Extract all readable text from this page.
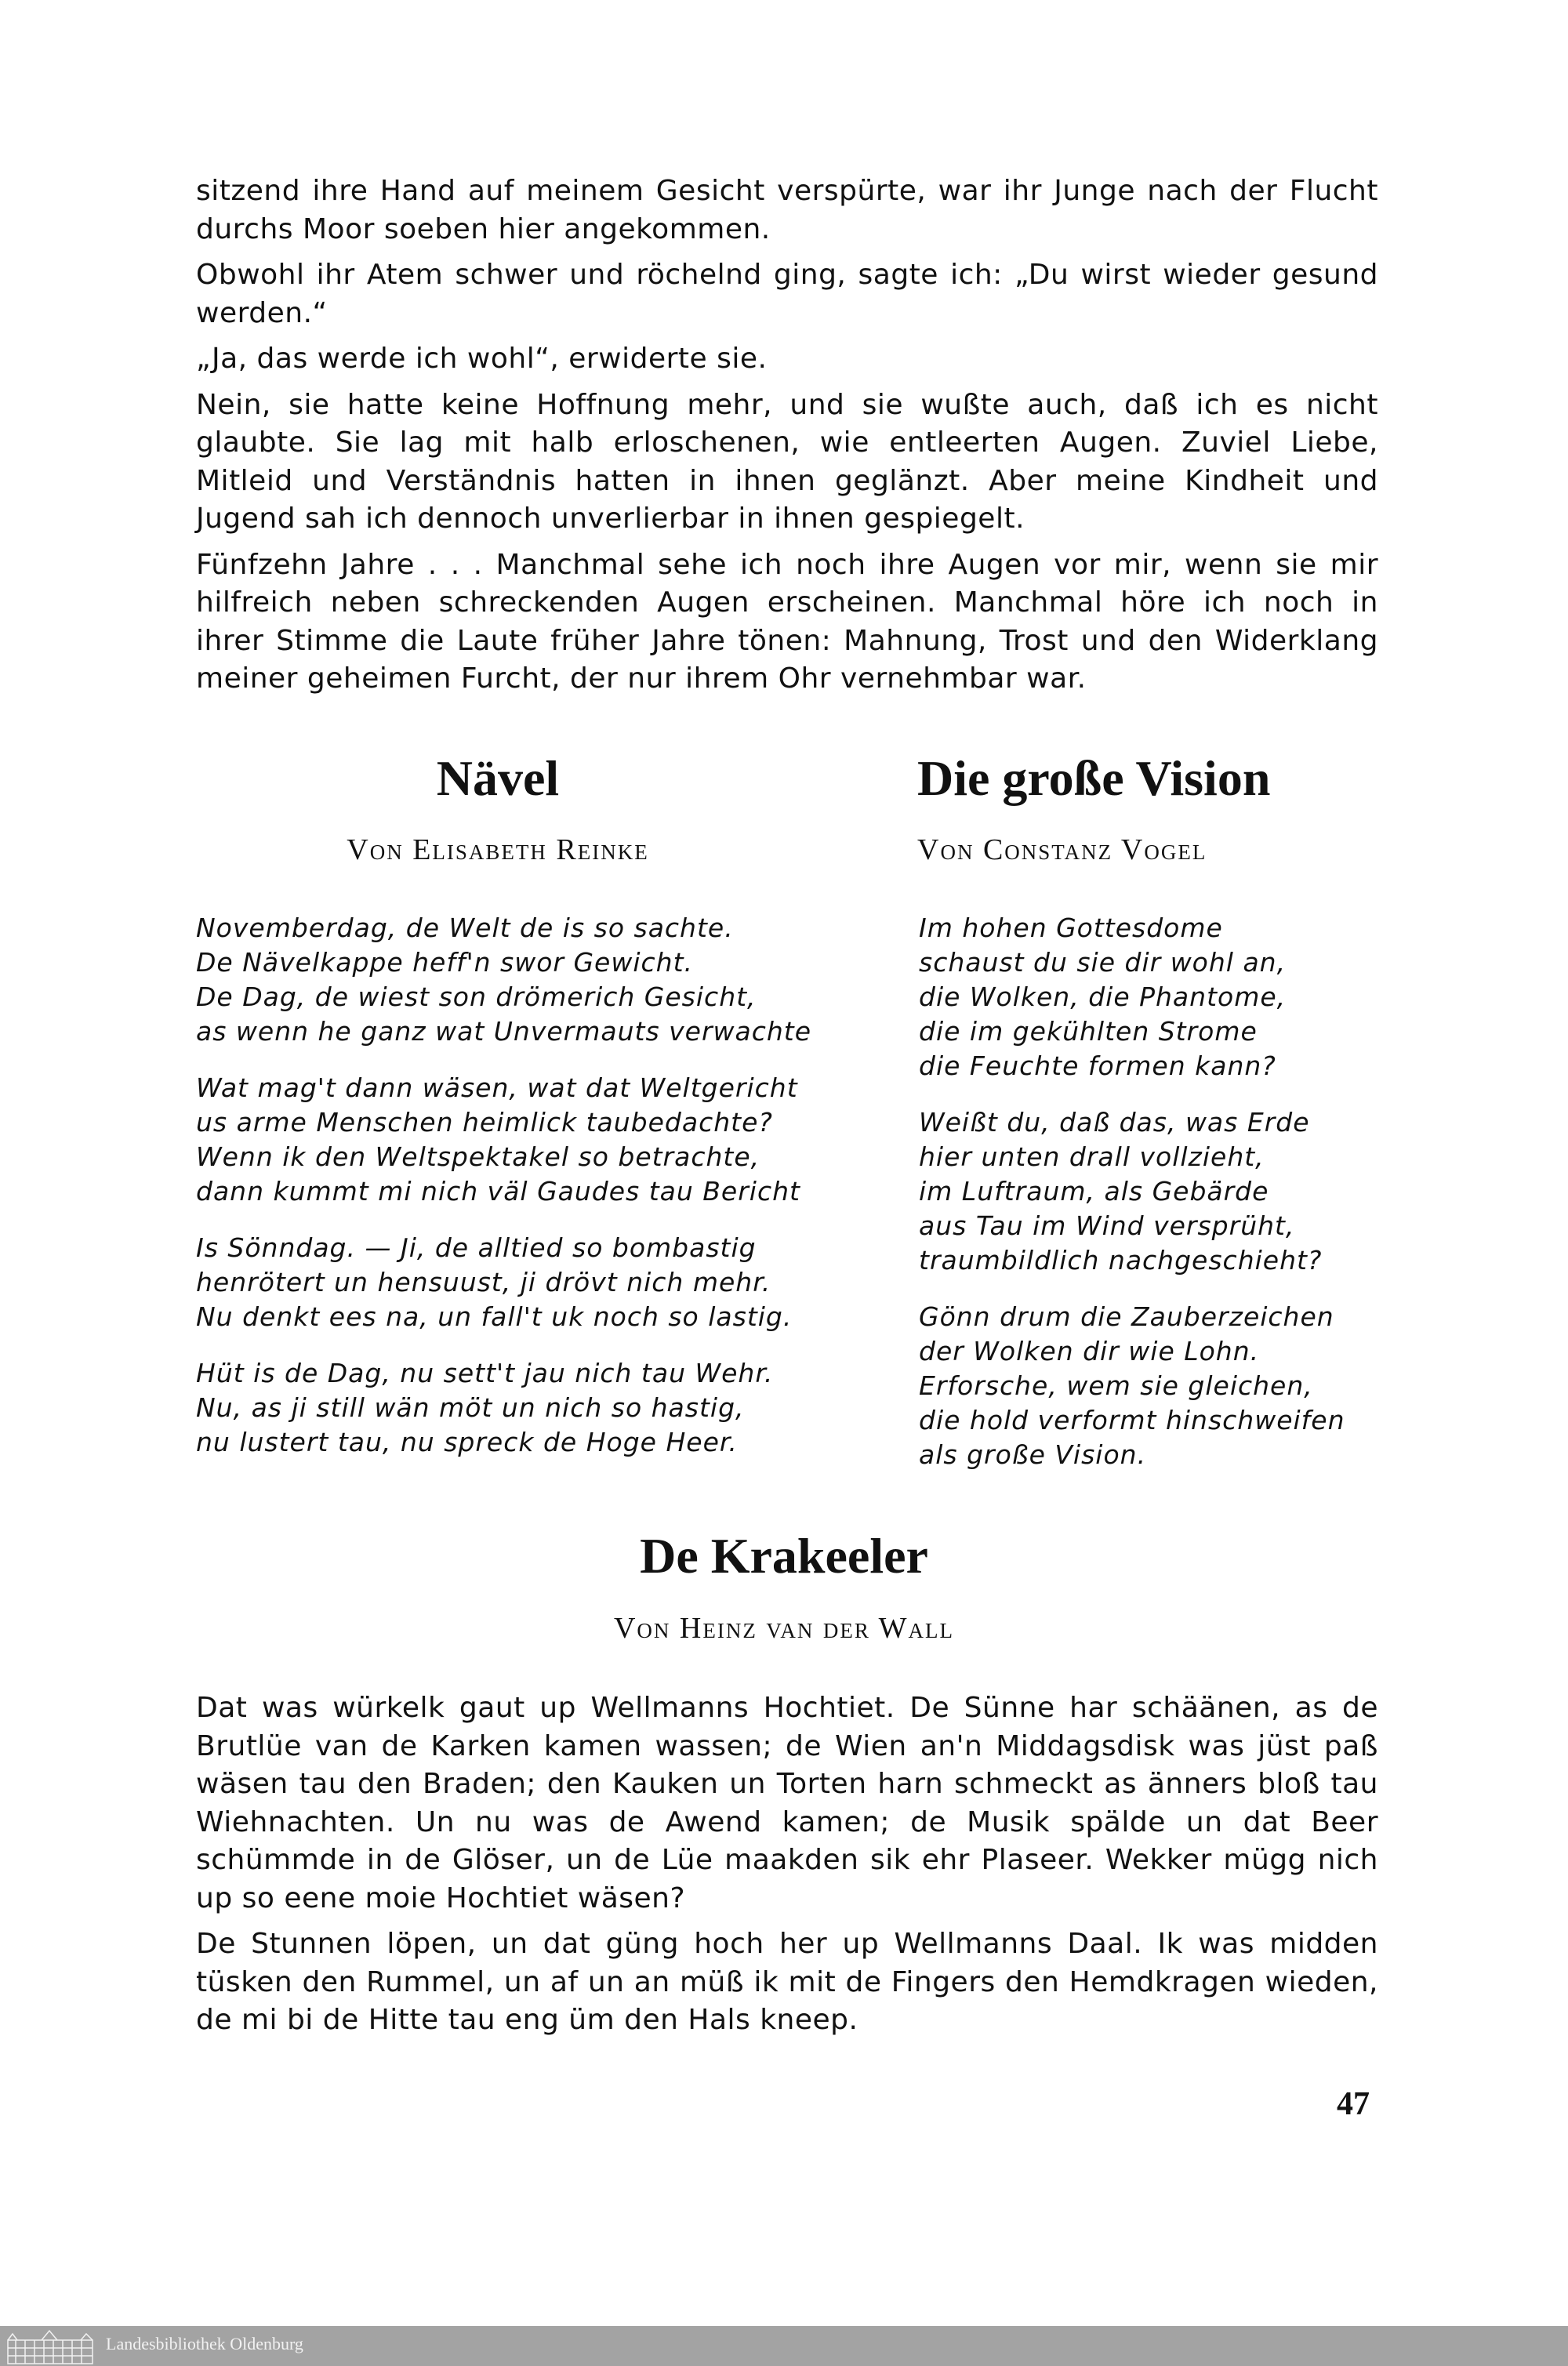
sitzend ihre Hand auf meinem Gesicht verspürte, war ihr Junge nach der Flucht durchs Moor soeben hier angekommen.

Obwohl ihr Atem schwer und röchelnd ging, sagte ich: „Du wirst wieder gesund werden.“

„Ja, das werde ich wohl“, erwiderte sie.

Nein, sie hatte keine Hoffnung mehr, und sie wußte auch, daß ich es nicht glaubte. Sie lag mit halb erloschenen, wie entleerten Augen. Zuviel Liebe, Mitleid und Verständnis hatten in ihnen geglänzt. Aber meine Kindheit und Jugend sah ich dennoch unverlierbar in ihnen gespiegelt.

Fünfzehn Jahre . . . Manchmal sehe ich noch ihre Augen vor mir, wenn sie mir hilfreich neben schreckenden Augen erscheinen. Manchmal höre ich noch in ihrer Stimme die Laute früher Jahre tönen: Mahnung, Trost und den Widerklang meiner geheimen Furcht, der nur ihrem Ohr vernehmbar war.

Nävel
Von Elisabeth Reinke
Novemberdag, de Welt de is so sachte.
De Nävelkappe heff'n swor Gewicht.
De Dag, de wiest son drömerich Gesicht,
as wenn he ganz wat Unvermauts verwachte
Wat mag't dann wäsen, wat dat Weltgericht
us arme Menschen heimlick taubedachte?
Wenn ik den Weltspektakel so betrachte,
dann kummt mi nich väl Gaudes tau Bericht
Is Sönndag. — Ji, de alltied so bombastig
henrötert un hensuust, ji drövt nich mehr.
Nu denkt ees na, un fall't uk noch so lastig.
Hüt is de Dag, nu sett't jau nich tau Wehr.
Nu, as ji still wän möt un nich so hastig,
nu lustert tau, nu spreck de Hoge Heer.
Die große Vision
Von Constanz Vogel
Im hohen Gottesdome
schaust du sie dir wohl an,
die Wolken, die Phantome,
die im gekühlten Strome
die Feuchte formen kann?
Weißt du, daß das, was Erde
hier unten drall vollzieht,
im Luftraum, als Gebärde
aus Tau im Wind versprüht,
traumbildlich nachgeschieht?
Gönn drum die Zauberzeichen
der Wolken dir wie Lohn.
Erforsche, wem sie gleichen,
die hold verformt hinschweifen
als große Vision.
De Krakeeler
Von Heinz van der Wall

Dat was würkelk gaut up Wellmanns Hochtiet. De Sünne har schäänen, as de Brutlüe van de Karken kamen wassen; de Wien an'n Middagsdisk was jüst paß wäsen tau den Braden; den Kauken un Torten harn schmeckt as änners bloß tau Wiehnachten. Un nu was de Awend kamen; de Musik spälde un dat Beer schümmde in de Glöser, un de Lüe maakden sik ehr Plaseer. Wekker mügg nich up so eene moie Hochtiet wäsen?

De Stunnen löpen, un dat güng hoch her up Wellmanns Daal. Ik was midden tüsken den Rummel, un af un an müß ik mit de Fingers den Hemdkragen wieden, de mi bi de Hitte tau eng üm den Hals kneep.

47
Landesbibliothek Oldenburg
